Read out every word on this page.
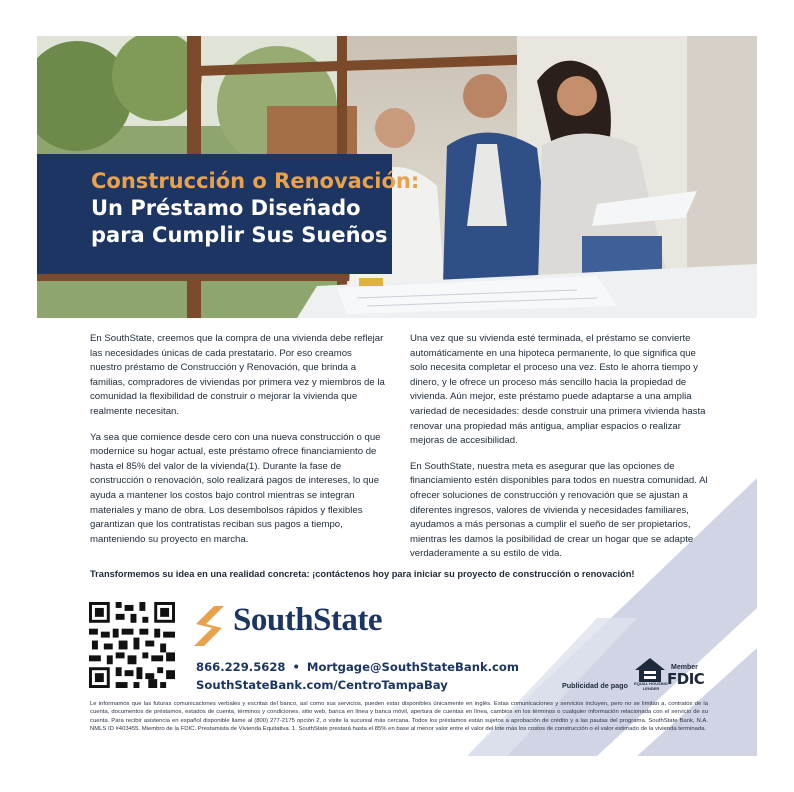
Construcción o Renovación:
Un Préstamo Diseñado
para Cumplir Sus Sueños

En SouthState, creemos que la compra de una vivienda debe reflejar las necesidades únicas de cada prestatario. Por eso creamos nuestro préstamo de Construcción y Renovación, que brinda a familias, compradores de viviendas por primera vez y miembros de la comunidad la flexibilidad de construir o mejorar la vivienda que realmente necesitan.

Ya sea que comience desde cero con una nueva construcción o que modernice su hogar actual, este préstamo ofrece financiamiento de hasta el 85% del valor de la vivienda(1). Durante la fase de construcción o renovación, solo realizará pagos de intereses, lo que ayuda a mantener los costos bajo control mientras se integran materiales y mano de obra. Los desembolsos rápidos y flexibles garantizan que los contratistas reciban sus pagos a tiempo, manteniendo su proyecto en marcha.

Una vez que su vivienda esté terminada, el préstamo se convierte automáticamente en una hipoteca permanente, lo que significa que solo necesita completar el proceso una vez. Esto le ahorra tiempo y dinero, y le ofrece un proceso más sencillo hacia la propiedad de vivienda. Aún mejor, este préstamo puede adaptarse a una amplia variedad de necesidades: desde construir una primera vivienda hasta renovar una propiedad más antigua, ampliar espacios o realizar mejoras de accesibilidad.

En SouthState, nuestra meta es asegurar que las opciones de financiamiento estén disponibles para todos en nuestra comunidad. Al ofrecer soluciones de construcción y renovación que se ajustan a diferentes ingresos, valores de vivienda y necesidades familiares, ayudamos a más personas a cumplir el sueño de ser propietarios, mientras les damos la posibilidad de crear un hogar que se adapte verdaderamente a su estilo de vida.

Transformemos su idea en una realidad concreta: ¡contáctenos hoy para iniciar su proyecto de construcción o renovación!
SouthState
866.229.5628 • Mortgage@SouthStateBank.com
SouthStateBank.com/CentroTampaBay	Publicidad de pago	EQUAL HOUSING LENDER
Member
FDIC
Le informamos que las futuras comunicaciones verbales y escritas del banco, así como sus servicios, pueden estar disponibles únicamente en inglés. Estas comunicaciones y servicios incluyen, pero no se limitan a, contratos de la cuenta, documentos de préstamos, estados de cuenta, términos y condiciones, sitio web, banca en línea y banca móvil, apertura de cuentas en línea, cambios en los términos o cualquier información relacionada con el servicio de su cuenta. Para recibir asistencia en español disponible llame al (800) 277-2175 opción 2, o visite la sucursal más cercana. Todos los préstamos están sujetos a aprobación de crédito y a las pautas del programa. SouthState Bank, N.A. NMLS ID #403455. Miembro de la FDIC. Prestamista de Vivienda Equitativa. 1. SouthState prestará hasta el 85% en base al menor valor entre el valor del lote más los costos de construcción o el valor estimado de la vivienda terminada.
